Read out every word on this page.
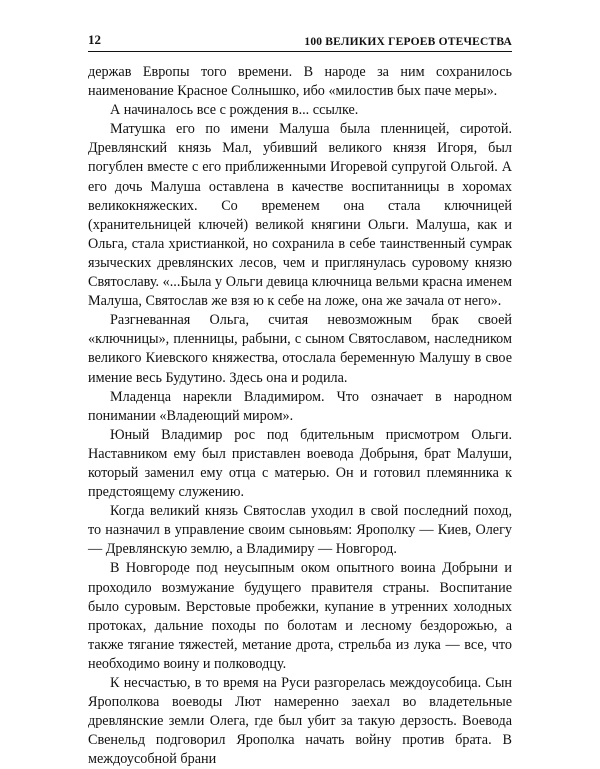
12	100 ВЕЛИКИХ ГЕРОЕВ ОТЕЧЕСТВА

держав Европы того времени. В народе за ним сохранилось наименование Красное Солнышко, ибо «милостив бых паче меры».

А начиналось все с рождения в... ссылке.

Матушка его по имени Малуша была пленницей, сиротой. Древлянский князь Мал, убивший великого князя Игоря, был погублен вместе с его приближенными Игоревой супругой Ольгой. А его дочь Малуша оставлена в качестве воспитанницы в хоромах великокняжеских. Со временем она стала ключницей (хранительницей ключей) великой княгини Ольги. Малуша, как и Ольга, стала христианкой, но сохранила в себе таинственный сумрак языческих древлянских лесов, чем и приглянулась суровому князю Святославу. «...Была у Ольги девица ключница вельми красна именем Малуша, Святослав же взя ю к себе на ложе, она же зачала от него».

Разгневанная Ольга, считая невозможным брак своей «ключницы», пленницы, рабыни, с сыном Святославом, наследником великого Киевского княжества, отослала беременную Малушу в свое имение весь Будутино. Здесь она и родила.

Младенца нарекли Владимиром. Что означает в народном понимании «Владеющий миром».

Юный Владимир рос под бдительным присмотром Ольги. Наставником ему был приставлен воевода Добрыня, брат Малуши, который заменил ему отца с матерью. Он и готовил племянника к предстоящему служению.

Когда великий князь Святослав уходил в свой последний поход, то назначил в управление своим сыновьям: Ярополку — Киев, Олегу — Древлянскую землю, а Владимиру — Новгород.

В Новгороде под неусыпным оком опытного воина Добрыни и проходило возмужание будущего правителя страны. Воспитание было суровым. Верстовые пробежки, купание в утренних холодных протоках, дальние походы по болотам и лесному бездорожью, а также тягание тяжестей, метание дрота, стрельба из лука — все, что необходимо воину и полководцу.

К несчастью, в то время на Руси разгорелась междоусобица. Сын Ярополкова воеводы Лют намеренно заехал во владетельные древлянские земли Олега, где был убит за такую дерзость. Воевода Свенельд подговорил Ярополка начать войну против брата. В междоусобной брани
